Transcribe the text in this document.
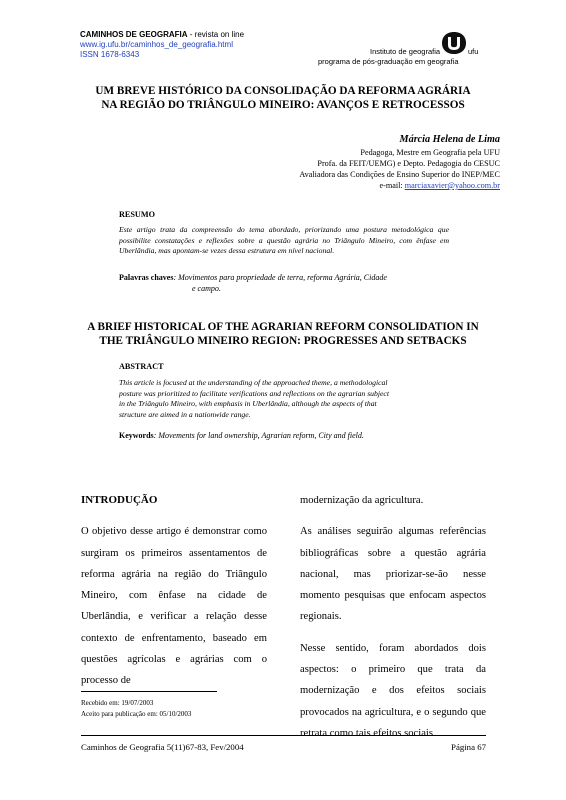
CAMINHOS DE GEOGRAFIA - revista on line
www.ig.ufu.br/caminhos_de_geografia.html
ISSN 1678-6343	Instituto de geografia	ufu
programa de pós-graduação em geografia
UM BREVE HISTÓRICO DA CONSOLIDAÇÃO DA REFORMA AGRÁRIA
NA REGIÃO DO TRIÂNGULO MINEIRO: AVANÇOS E RETROCESSOS
Márcia Helena de Lima
Pedagoga, Mestre em Geografia pela UFU
Profa. da FEIT/UEMG) e Depto. Pedagogia do CESUC
Avaliadora das Condições de Ensino Superior do INEP/MEC
e-mail: marciaxavier@yahoo.com.br
RESUMO
Este artigo trata da compreensão do tema abordado, priorizando uma postura metodológica que possibilite constatações e reflexões sobre a questão agrária no Triângulo Mineiro, com ênfase em Uberlândia, mas apontam-se vezes dessa estrutura em nível nacional.
Palavras chaves: Movimentos para propriedade de terra, reforma Agrária, Cidade
e campo.
A BRIEF HISTORICAL OF THE AGRARIAN REFORM CONSOLIDATION IN
THE TRIÂNGULO MINEIRO REGION: PROGRESSES AND SETBACKS
ABSTRACT
This article is focused at the understanding of the approached theme, a methodological
posture was prioritized to facilitate verifications and reflections on the agrarian subject
in the Triângulo Mineiro, with emphasis in Uberlândia, although the aspects of that
structure are aimed in a nationwide range.
Keywords: Movements for land ownership, Agrarian reform, City and field.
INTRODUÇÃO
O objetivo desse artigo é demonstrar como surgiram os primeiros assentamentos de reforma agrária na região do Triângulo Mineiro, com ênfase na cidade de Uberlândia, e verificar a relação desse contexto de enfrentamento, baseado em questões agrícolas e agrárias com o processo de
modernização da agricultura.
As análises seguirão algumas referências bibliográficas sobre a questão agrária nacional, mas priorizar-se-ão nesse momento pesquisas que enfocam aspectos regionais.
Nesse sentido, foram abordados dois aspectos: o primeiro que trata da modernização e dos efeitos sociais provocados na agricultura, e o segundo que retrata como tais efeitos sociais
Recebido em: 19/07/2003
Aceito para publicação em: 05/10/2003
Caminhos de Geografia 5(11)67-83, Fev/2004	Página 67
